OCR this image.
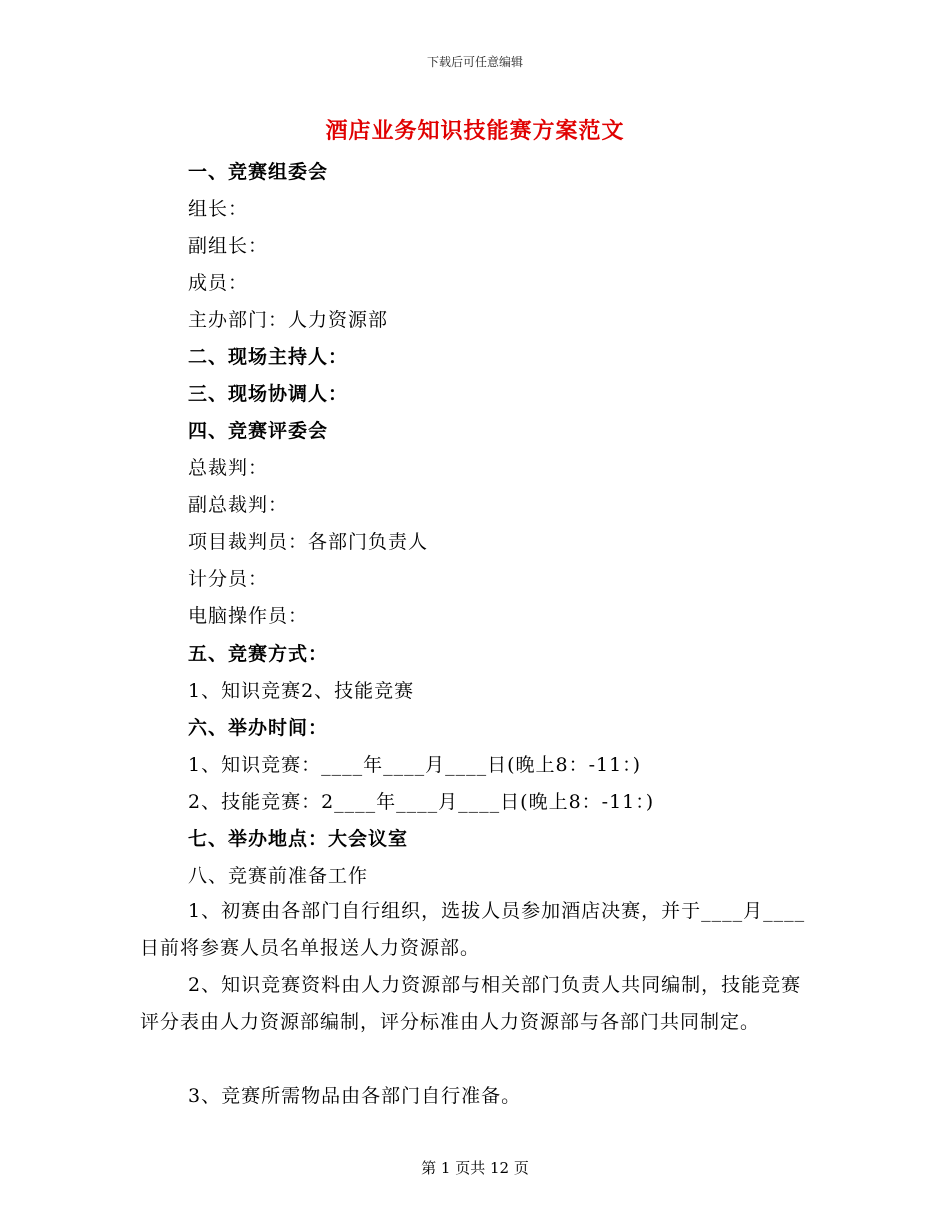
下载后可任意编辑
酒店业务知识技能赛方案范文
一、竞赛组委会
组长：
副组长：
成员：
主办部门：人力资源部
二、现场主持人：
三、现场协调人：
四、竞赛评委会
总裁判：
副总裁判：
项目裁判员：各部门负责人
计分员：
电脑操作员：
五、竞赛方式：
1、知识竞赛2、技能竞赛
六、举办时间：
1、知识竞赛：____年____月____日(晚上8：-11：)
2、技能竞赛：2____年____月____日(晚上8：-11：)
七、举办地点：大会议室
八、竞赛前准备工作
1、初赛由各部门自行组织，选拔人员参加酒店决赛，并于____月____日前将参赛人员名单报送人力资源部。
2、知识竞赛资料由人力资源部与相关部门负责人共同编制，技能竞赛评分表由人力资源部编制，评分标准由人力资源部与各部门共同制定。
3、竞赛所需物品由各部门自行准备。
第 1 页共 12 页
